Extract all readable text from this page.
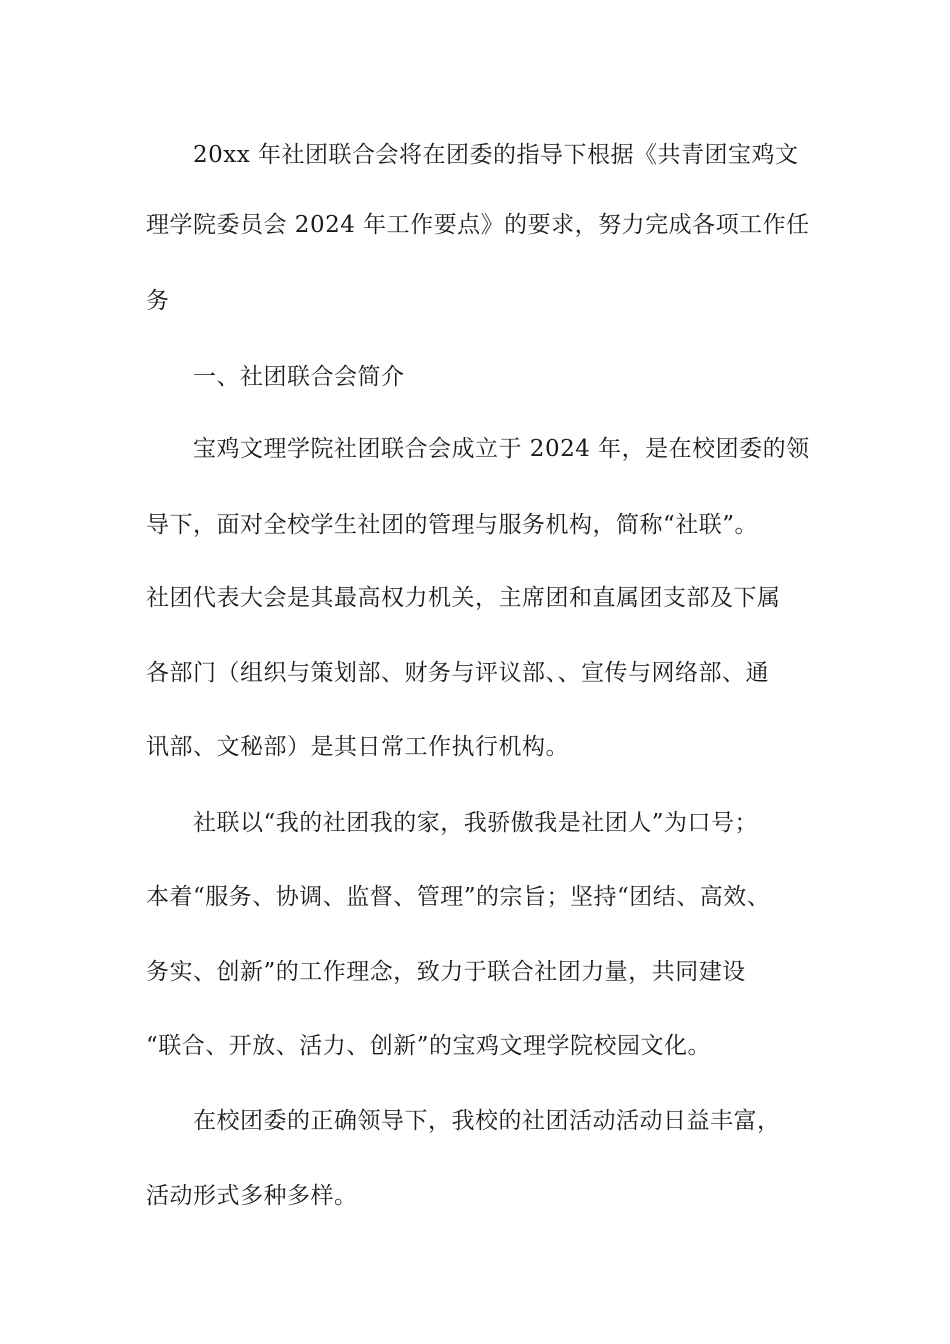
20xx 年社团联合会将在团委的指导下根据《共青团宝鸡文
理学院委员会 2024 年工作要点》的要求，努力完成各项工作任
务
一、社团联合会简介
宝鸡文理学院社团联合会成立于 2024 年，是在校团委的领
导下，面对全校学生社团的管理与服务机构，简称“社联”。
社团代表大会是其最高权力机关，主席团和直属团支部及下属
各部门（组织与策划部、财务与评议部、、宣传与网络部、通
讯部、文秘部）是其日常工作执行机构。
社联以“我的社团我的家，我骄傲我是社团人”为口号；
本着“服务、协调、监督、管理”的宗旨；坚持“团结、高效、
务实、创新”的工作理念，致力于联合社团力量，共同建设
“联合、开放、活力、创新”的宝鸡文理学院校园文化。
在校团委的正确领导下，我校的社团活动活动日益丰富，
活动形式多种多样。
